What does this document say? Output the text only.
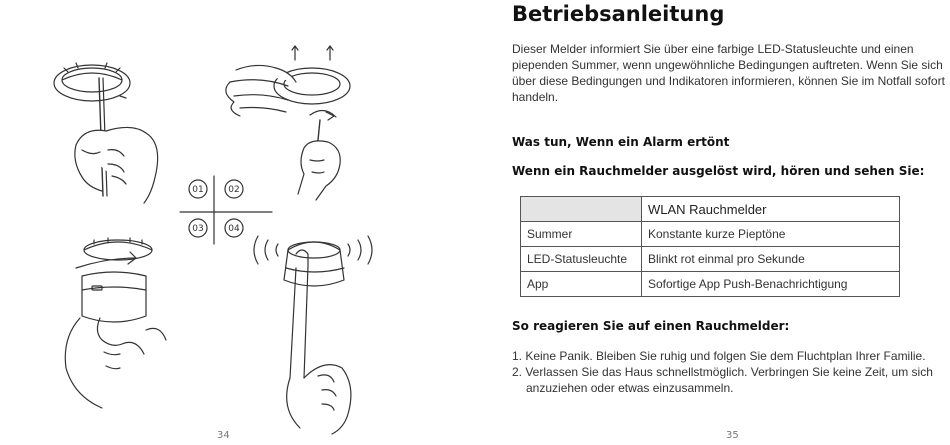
01	02
03	04
34
Betriebsanleitung

Dieser Melder informiert Sie über eine farbige LED-Statusleuchte und einen piependen Summer, wenn ungewöhnliche Bedingungen auftreten. Wenn Sie sich über diese Bedingungen und Indikatoren informieren, können Sie im Notfall sofort handeln.

Was tun, Wenn ein Alarm ertönt
Wenn ein Rauchmelder ausgelöst wird, hören und sehen Sie:
	WLAN Rauchmelder
Summer	Konstante kurze Pieptöne
LED-Statusleuchte	Blinkt rot einmal pro Sekunde
App	Sofortige App Push-Benachrichtigung
So reagieren Sie auf einen Rauchmelder:
1. Keine Panik. Bleiben Sie ruhig und folgen Sie dem Fluchtplan Ihrer Familie.
2. Verlassen Sie das Haus schnellstmöglich. Verbringen Sie keine Zeit, um sich anzuziehen oder etwas einzusammeln.
35
